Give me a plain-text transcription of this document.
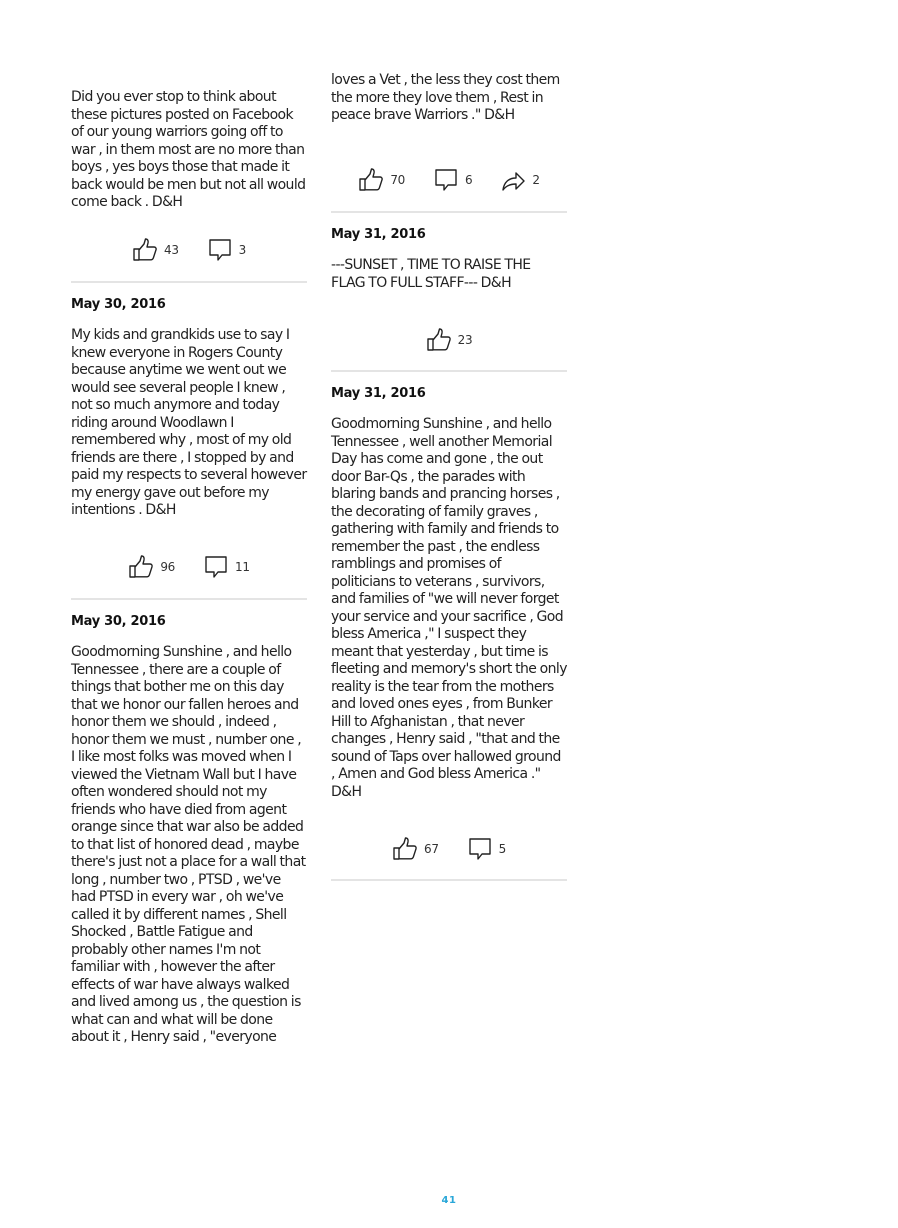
Did you ever stop to think about these pictures posted on Facebook of our young warriors going off to war , in them most are no more than boys , yes boys those that made it back would be men but not all would come back . D&H

43	3

May 30, 2016

My kids and grandkids use to say I knew everyone in Rogers County because anytime we went out we would see several people I knew , not so much anymore and today riding around Woodlawn I remembered why , most of my old friends are there , I stopped by and paid my respects to several however my energy gave out before my intentions . D&H

96	11

May 30, 2016

Goodmorning Sunshine , and hello Tennessee , there are a couple of things that bother me on this day that we honor our fallen heroes and honor them we should , indeed , honor them we must , number one , I like most folks was moved when I viewed the Vietnam Wall but I have often wondered should not my friends who have died from agent orange since that war also be added to that list of honored dead , maybe there's just not a place for a wall that long , number two , PTSD , we've had PTSD in every war , oh we've called it by different names , Shell Shocked , Battle Fatigue and probably other names I'm not familiar with , however the after effects of war have always walked and lived among us , the question is what can and what will be done about it , Henry said , "everyone

loves a Vet , the less they cost them the more they love them , Rest in peace brave Warriors ." D&H

70	6	2

May 31, 2016

---SUNSET , TIME TO RAISE THE FLAG TO FULL STAFF--- D&H

23

May 31, 2016

Goodmorning Sunshine , and hello Tennessee , well another Memorial Day has come and gone , the out door Bar-Qs , the parades with blaring bands and prancing horses , the decorating of family graves , gathering with family and friends to remember the past , the endless ramblings and promises of politicians to veterans , survivors, and families of "we will never forget your service and your sacrifice , God bless America ," I suspect they meant that yesterday , but time is fleeting and memory's short the only reality is the tear from the mothers and loved ones eyes , from Bunker Hill to Afghanistan , that never changes , Henry said , "that and the sound of Taps over hallowed ground , Amen and God bless America ." D&H

67	5
41
